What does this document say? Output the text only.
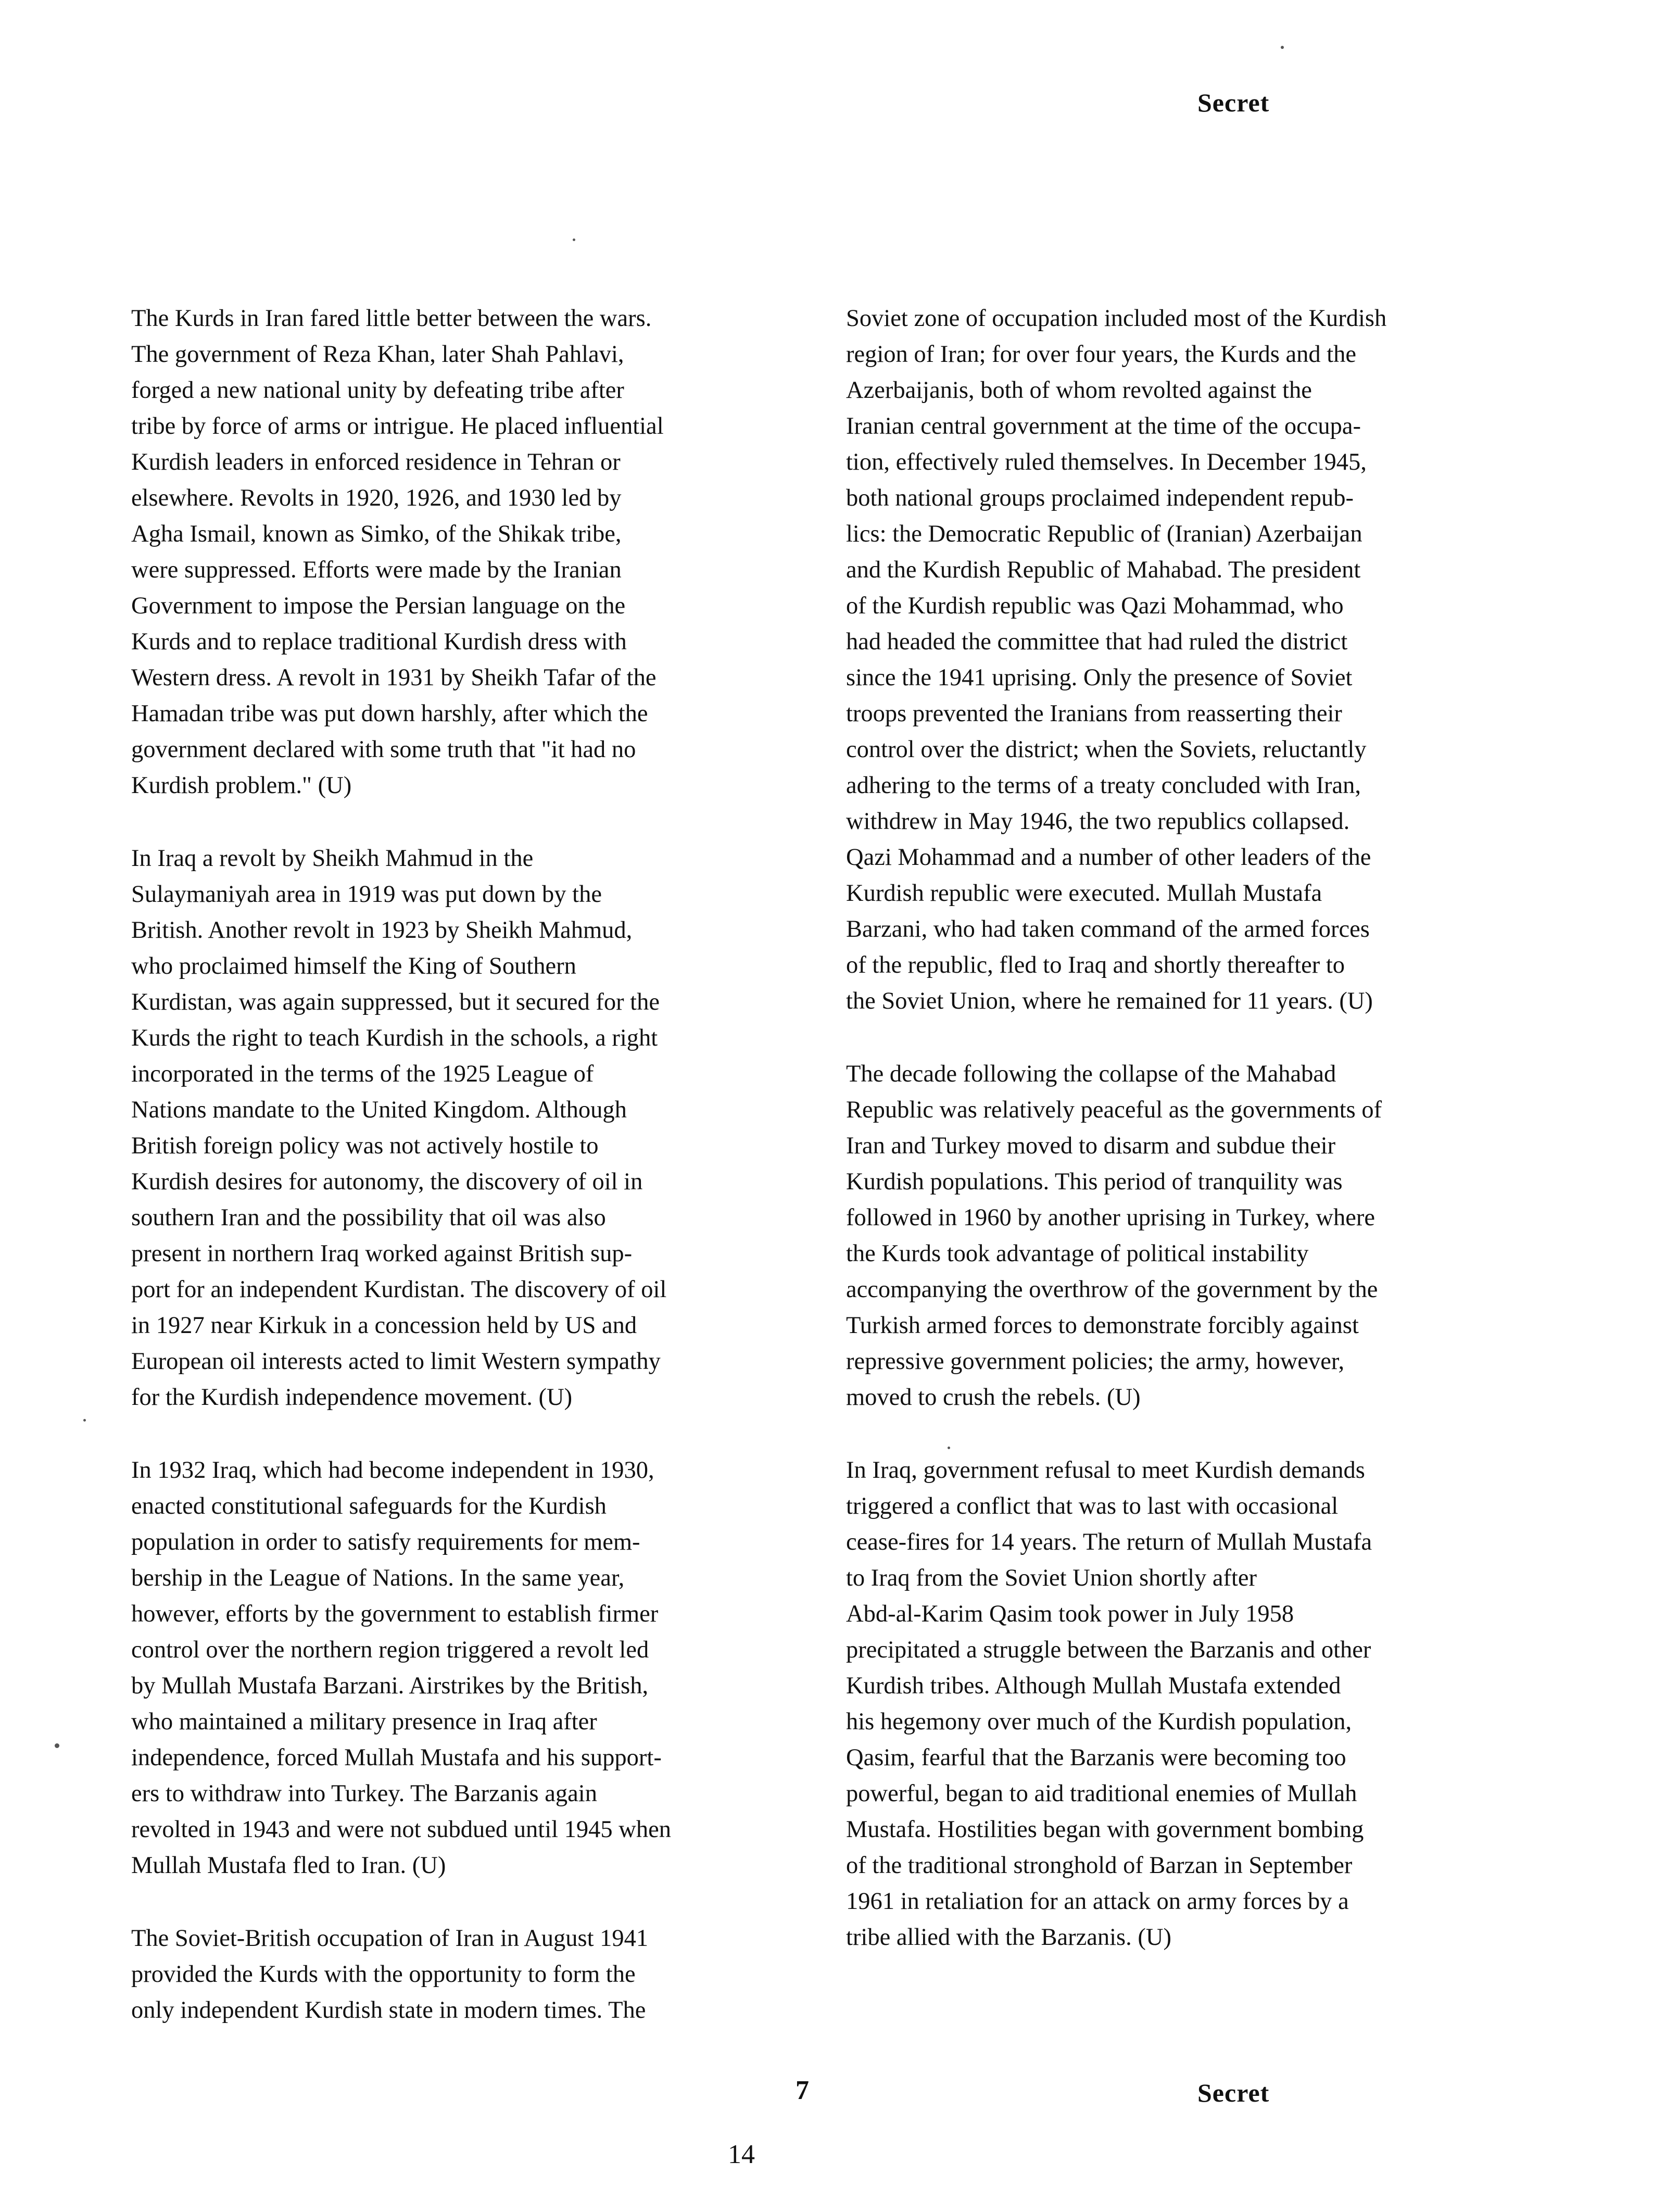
Secret
The Kurds in Iran fared little better between the wars.
The government of Reza Khan, later Shah Pahlavi,
forged a new national unity by defeating tribe after
tribe by force of arms or intrigue. He placed influential
Kurdish leaders in enforced residence in Tehran or
elsewhere. Revolts in 1920, 1926, and 1930 led by
Agha Ismail, known as Simko, of the Shikak tribe,
were suppressed. Efforts were made by the Iranian
Government to impose the Persian language on the
Kurds and to replace traditional Kurdish dress with
Western dress. A revolt in 1931 by Sheikh Tafar of the
Hamadan tribe was put down harshly, after which the
government declared with some truth that "it had no
Kurdish problem." (U)
In Iraq a revolt by Sheikh Mahmud in the
Sulaymaniyah area in 1919 was put down by the
British. Another revolt in 1923 by Sheikh Mahmud,
who proclaimed himself the King of Southern
Kurdistan, was again suppressed, but it secured for the
Kurds the right to teach Kurdish in the schools, a right
incorporated in the terms of the 1925 League of
Nations mandate to the United Kingdom. Although
British foreign policy was not actively hostile to
Kurdish desires for autonomy, the discovery of oil in
southern Iran and the possibility that oil was also
present in northern Iraq worked against British sup-
port for an independent Kurdistan. The discovery of oil
in 1927 near Kirkuk in a concession held by US and
European oil interests acted to limit Western sympathy
for the Kurdish independence movement. (U)
In 1932 Iraq, which had become independent in 1930,
enacted constitutional safeguards for the Kurdish
population in order to satisfy requirements for mem-
bership in the League of Nations. In the same year,
however, efforts by the government to establish firmer
control over the northern region triggered a revolt led
by Mullah Mustafa Barzani. Airstrikes by the British,
who maintained a military presence in Iraq after
independence, forced Mullah Mustafa and his support-
ers to withdraw into Turkey. The Barzanis again
revolted in 1943 and were not subdued until 1945 when
Mullah Mustafa fled to Iran. (U)
The Soviet-British occupation of Iran in August 1941
provided the Kurds with the opportunity to form the
only independent Kurdish state in modern times. The
Soviet zone of occupation included most of the Kurdish
region of Iran; for over four years, the Kurds and the
Azerbaijanis, both of whom revolted against the
Iranian central government at the time of the occupa-
tion, effectively ruled themselves. In December 1945,
both national groups proclaimed independent repub-
lics: the Democratic Republic of (Iranian) Azerbaijan
and the Kurdish Republic of Mahabad. The president
of the Kurdish republic was Qazi Mohammad, who
had headed the committee that had ruled the district
since the 1941 uprising. Only the presence of Soviet
troops prevented the Iranians from reasserting their
control over the district; when the Soviets, reluctantly
adhering to the terms of a treaty concluded with Iran,
withdrew in May 1946, the two republics collapsed.
Qazi Mohammad and a number of other leaders of the
Kurdish republic were executed. Mullah Mustafa
Barzani, who had taken command of the armed forces
of the republic, fled to Iraq and shortly thereafter to
the Soviet Union, where he remained for 11 years. (U)
The decade following the collapse of the Mahabad
Republic was relatively peaceful as the governments of
Iran and Turkey moved to disarm and subdue their
Kurdish populations. This period of tranquility was
followed in 1960 by another uprising in Turkey, where
the Kurds took advantage of political instability
accompanying the overthrow of the government by the
Turkish armed forces to demonstrate forcibly against
repressive government policies; the army, however,
moved to crush the rebels. (U)
In Iraq, government refusal to meet Kurdish demands
triggered a conflict that was to last with occasional
cease-fires for 14 years. The return of Mullah Mustafa
to Iraq from the Soviet Union shortly after
Abd-al-Karim Qasim took power in July 1958
precipitated a struggle between the Barzanis and other
Kurdish tribes. Although Mullah Mustafa extended
his hegemony over much of the Kurdish population,
Qasim, fearful that the Barzanis were becoming too
powerful, began to aid traditional enemies of Mullah
Mustafa. Hostilities began with government bombing
of the traditional stronghold of Barzan in September
1961 in retaliation for an attack on army forces by a
tribe allied with the Barzanis. (U)
7	Secret
14
